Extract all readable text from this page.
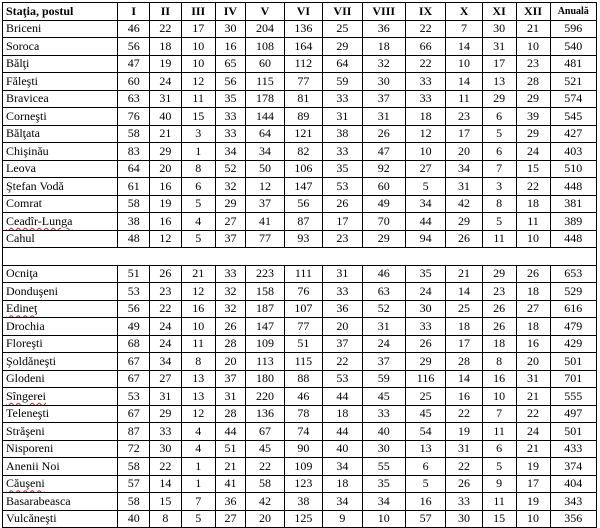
Staţia, postul	I	II	III	IV	V	VI	VII	VIII	IX	X	XI	XII	Anuală
Briceni	46	22	17	30	204	136	25	36	22	7	30	21	596
Soroca	56	18	10	16	108	164	29	18	66	14	31	10	540
Bălţi	47	19	10	65	60	112	64	32	22	10	17	23	481
Făleşti	60	24	12	56	115	77	59	30	33	14	13	28	521
Bravicea	63	31	11	35	178	81	33	37	33	11	29	29	574
Corneşti	76	40	15	33	144	89	31	31	18	23	6	39	545
Bălţata	58	21	3	33	64	121	38	26	12	17	5	29	427
Chişinău	83	29	1	34	34	82	33	47	10	20	6	24	403
Leova	64	20	8	52	50	106	35	92	27	34	7	15	510
Ştefan Vodă	61	16	6	32	12	147	53	60	5	31	3	22	448
Comrat	58	19	5	29	37	56	26	49	34	42	8	18	381
Ceadîr-Lunga	38	16	4	27	41	87	17	70	44	29	5	11	389
Cahul	48	12	5	37	77	93	23	29	94	26	11	10	448

Ocniţa	51	26	21	33	223	111	31	46	35	21	29	26	653
Donduşeni	53	23	12	32	158	76	33	63	24	14	23	18	529
Edineţ	56	22	16	32	187	107	36	52	30	25	26	27	616
Drochia	49	24	10	26	147	77	20	31	33	18	26	18	479
Floreşti	68	24	11	28	109	51	37	24	26	17	18	16	429
Şoldăneşti	67	34	8	20	113	115	22	37	29	28	8	20	501
Glodeni	67	27	13	37	180	88	53	59	116	14	16	31	701
Sîngerei	53	31	13	31	220	46	44	45	25	16	10	21	555
Teleneşti	67	29	12	28	136	78	18	33	45	22	7	22	497
Străşeni	87	33	4	44	67	74	44	40	54	19	11	24	501
Nisporeni	72	30	4	51	45	90	40	30	13	31	6	21	433
Anenii Noi	58	22	1	21	22	109	34	55	6	22	5	19	374
Căuşeni	57	14	1	41	58	123	18	35	5	26	9	17	404
Basarabeasca	58	15	7	36	42	38	34	34	16	33	11	19	343
Vulcăneşti	40	8	5	27	20	125	9	10	57	30	15	10	356
